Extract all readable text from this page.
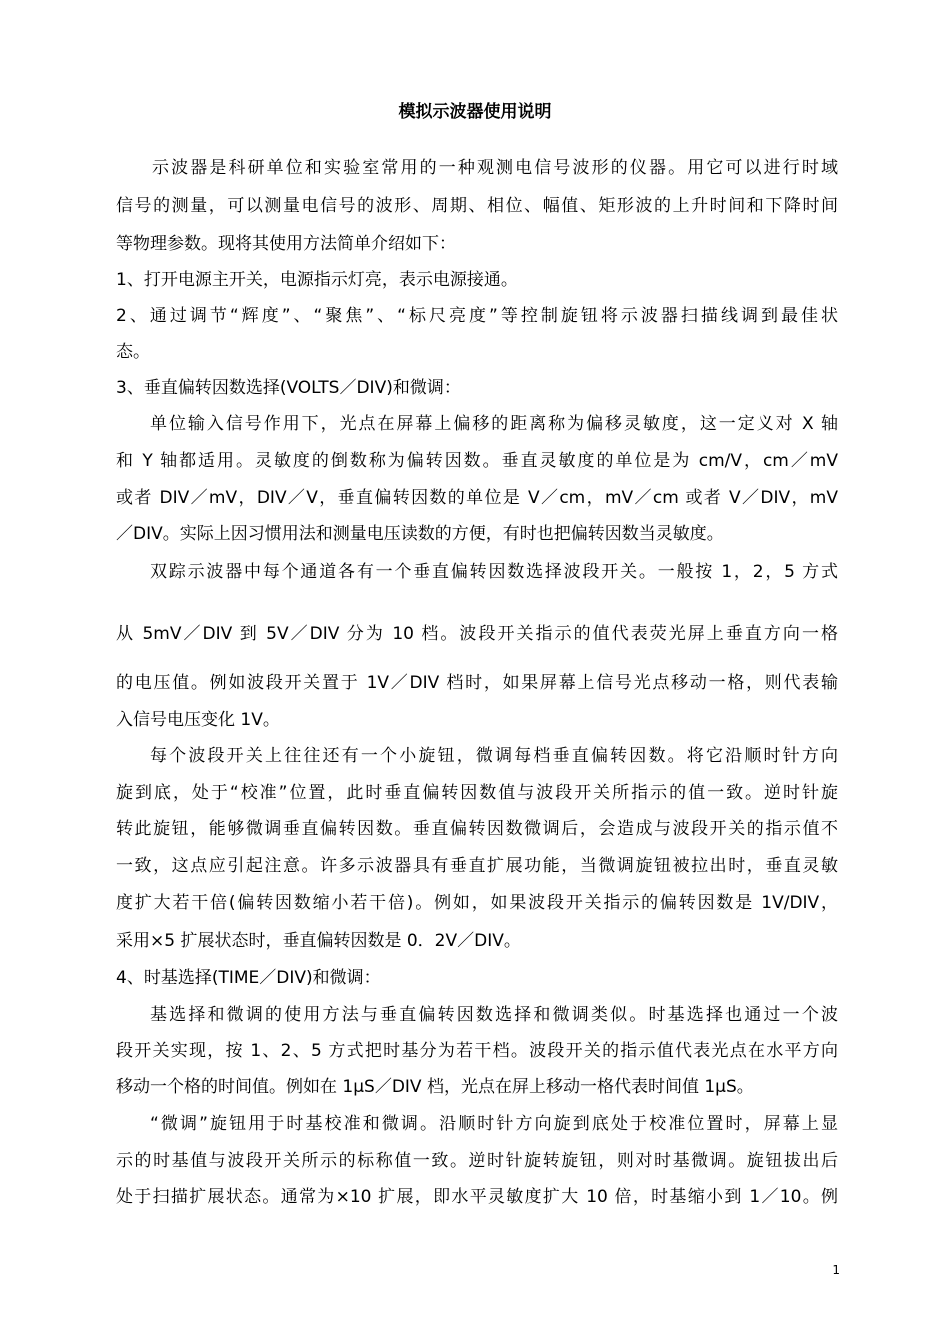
模拟示波器使用说明
示波器是科研单位和实验室常用的一种观测电信号波形的仪器。用它可以进行时域
信号的测量，可以测量电信号的波形、周期、相位、幅值、矩形波的上升时间和下降时间
等物理参数。现将其使用方法简单介绍如下：
1、打开电源主开关，电源指示灯亮，表示电源接通。
2、通过调节“辉度”、“聚焦”、“标尺亮度”等控制旋钮将示波器扫描线调到最佳状
态。
3、垂直偏转因数选择(VOLTS／DIV)和微调：
单位输入信号作用下，光点在屏幕上偏移的距离称为偏移灵敏度，这一定义对 X 轴
和 Y 轴都适用。灵敏度的倒数称为偏转因数。垂直灵敏度的单位是为 cm/V，cm／mV
或者 DIV／mV，DIV／V，垂直偏转因数的单位是 V／cm，mV／cm 或者 V／DIV，mV
／DIV。实际上因习惯用法和测量电压读数的方便，有时也把偏转因数当灵敏度。
双踪示波器中每个通道各有一个垂直偏转因数选择波段开关。一般按 1，2，5 方式
从 5mV／DIV 到 5V／DIV 分为 10 档。波段开关指示的值代表荧光屏上垂直方向一格
的电压值。例如波段开关置于 1V／DIV 档时，如果屏幕上信号光点移动一格，则代表输
入信号电压变化 1V。
每个波段开关上往往还有一个小旋钮，微调每档垂直偏转因数。将它沿顺时针方向
旋到底，处于“校准”位置，此时垂直偏转因数值与波段开关所指示的值一致。逆时针旋
转此旋钮，能够微调垂直偏转因数。垂直偏转因数微调后，会造成与波段开关的指示值不
一致，这点应引起注意。许多示波器具有垂直扩展功能，当微调旋钮被拉出时，垂直灵敏
度扩大若干倍(偏转因数缩小若干倍)。例如，如果波段开关指示的偏转因数是 1V/DIV，
采用×5 扩展状态时，垂直偏转因数是 0．2V／DIV。
4、时基选择(TIME／DIV)和微调：
基选择和微调的使用方法与垂直偏转因数选择和微调类似。时基选择也通过一个波
段开关实现，按 1、2、5 方式把时基分为若干档。波段开关的指示值代表光点在水平方向
移动一个格的时间值。例如在 1μS／DIV 档，光点在屏上移动一格代表时间值 1μS。
“微调”旋钮用于时基校准和微调。沿顺时针方向旋到底处于校准位置时，屏幕上显
示的时基值与波段开关所示的标称值一致。逆时针旋转旋钮，则对时基微调。旋钮拔出后
处于扫描扩展状态。通常为×10 扩展，即水平灵敏度扩大 10 倍，时基缩小到 1／10。例
1
